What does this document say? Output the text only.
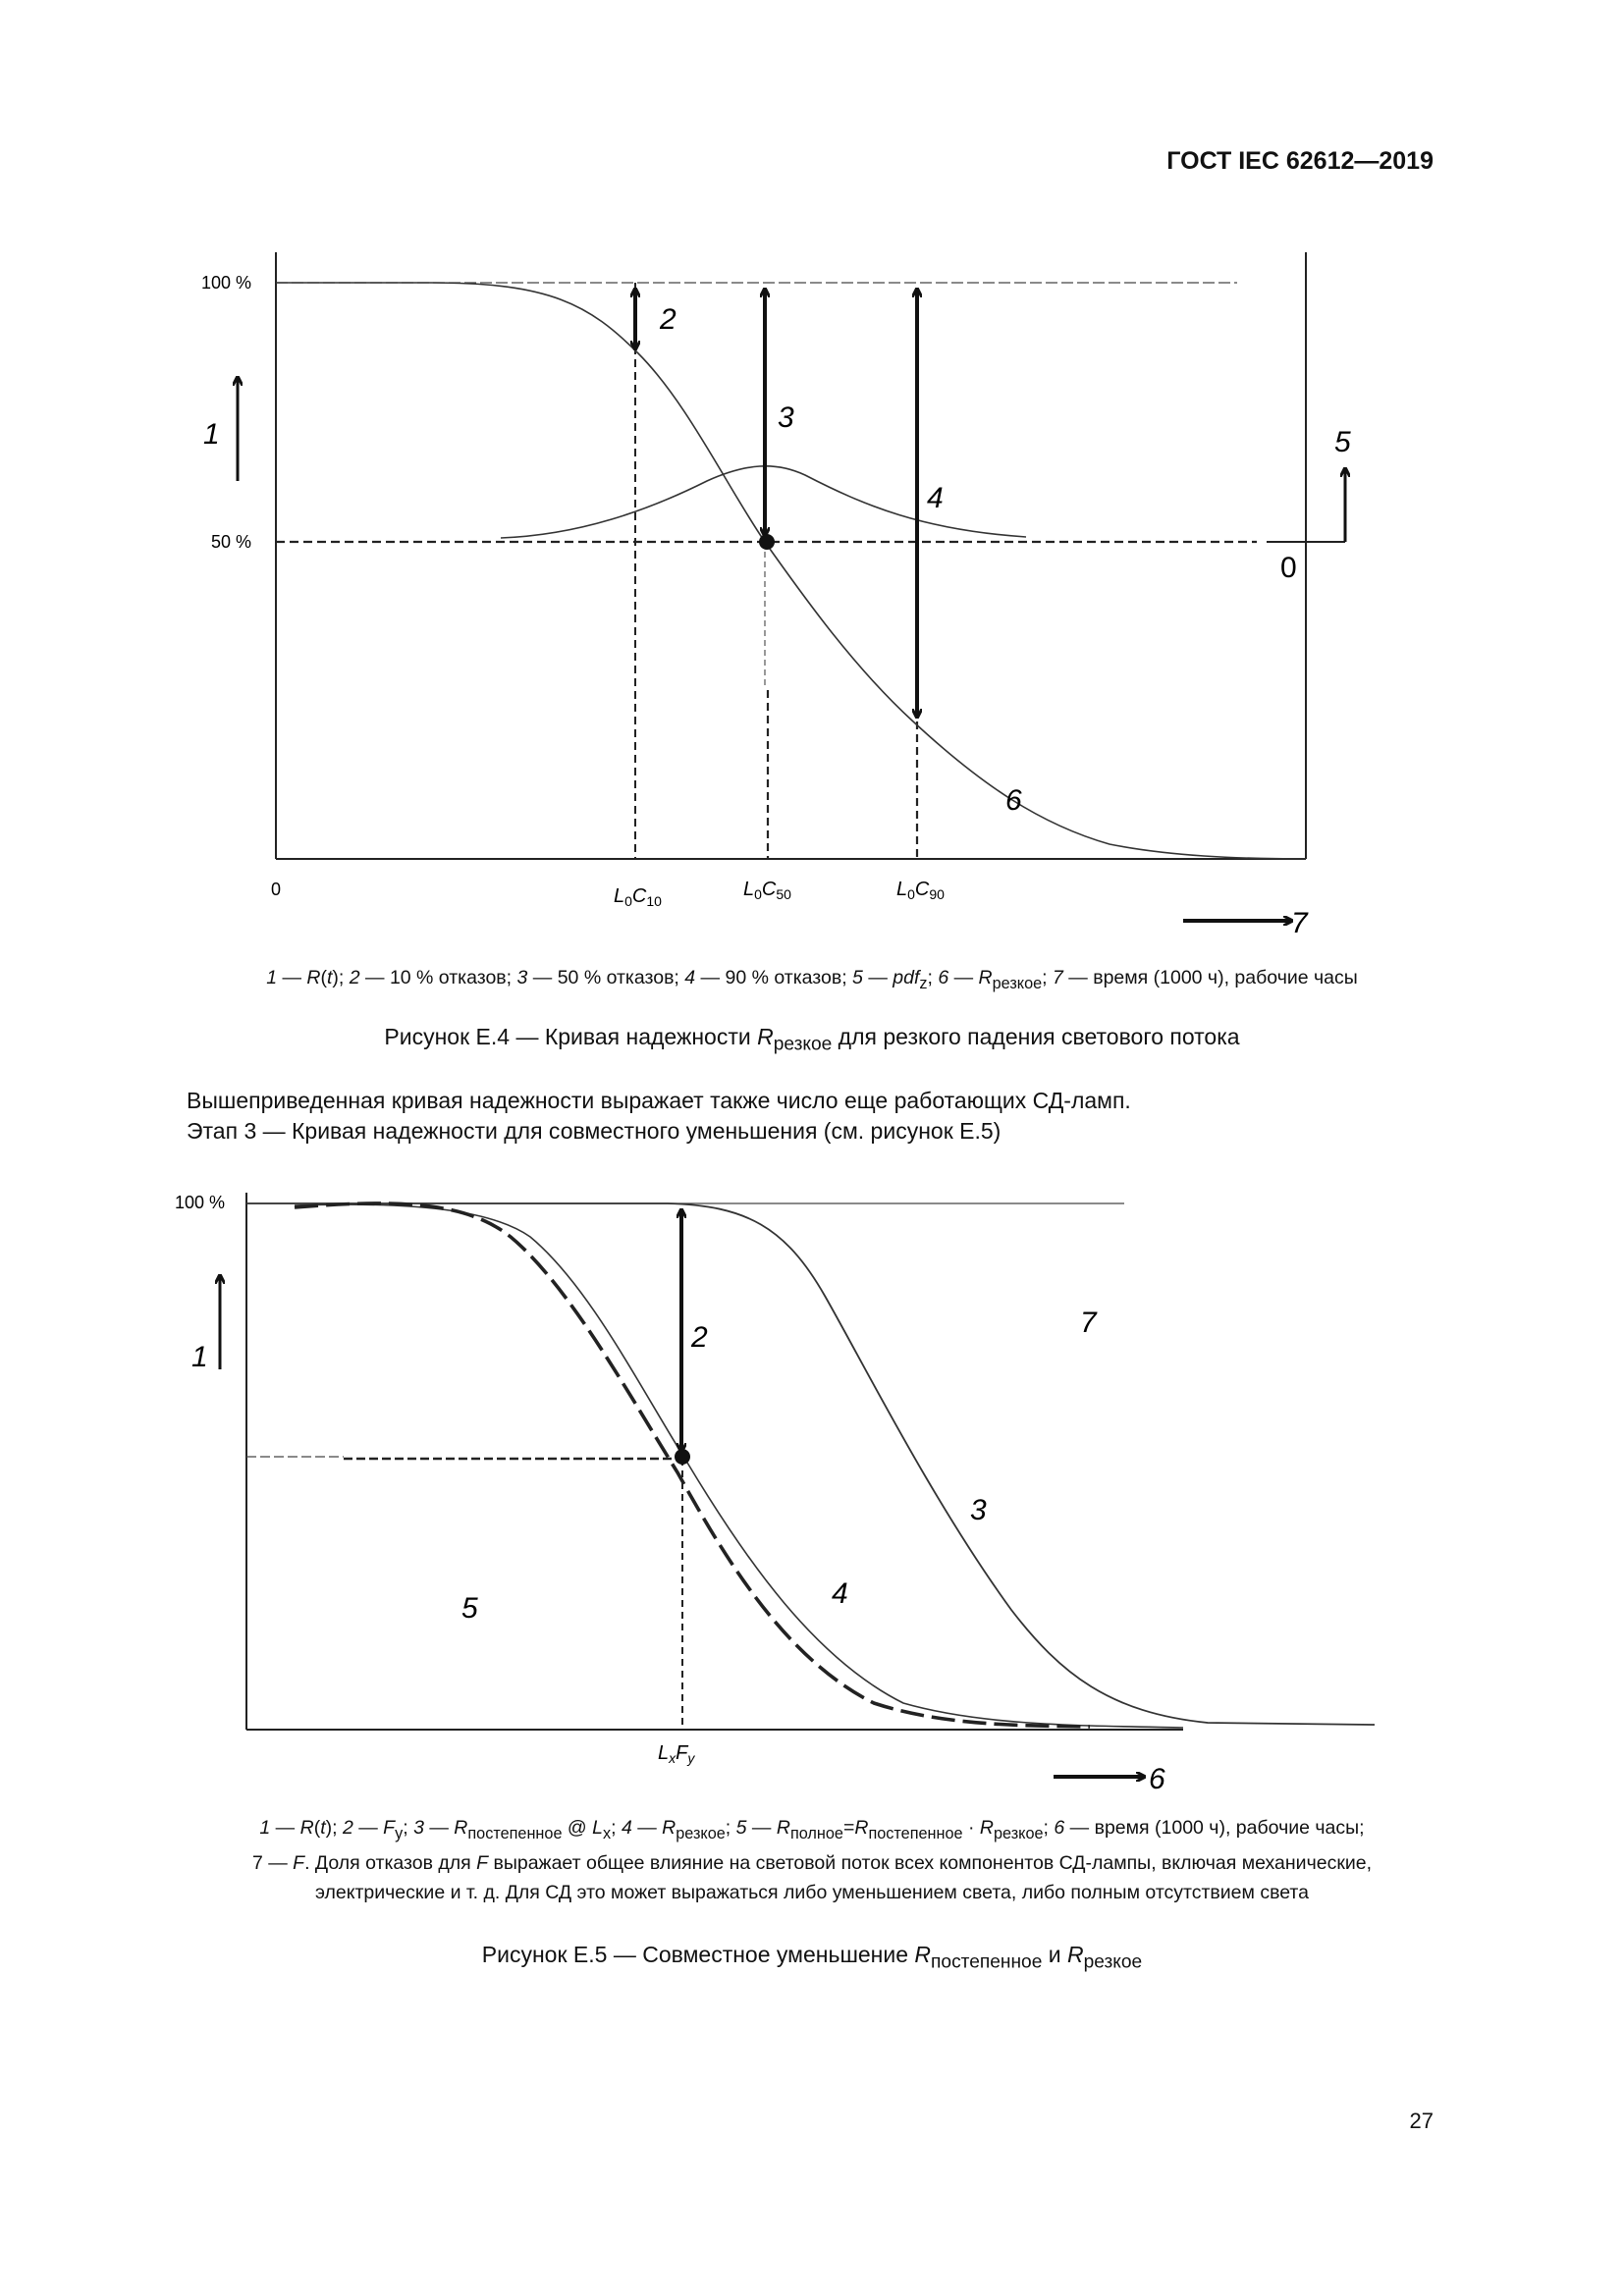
ГОСТ IEC 62612—2019
100 %
50 %
0	$L_0C_{10}$
$L_0C_{50}$	$L_0C_{90}$
1
2
3
4
5
0
6
7
100 %
$L_xF_y$
1
2
3
4
5
6
7
1 — R(t); 2 — 10 % отказов; 3 — 50 % отказов; 4 — 90 % отказов; 5 — pdf$_z$; 6 — $R_{резкое}$; 7 — время (1000 ч), рабочие часы
Рисунок Е.4 — Кривая надежности $R_{резкое}$ для резкого падения светового потока
Вышеприведенная кривая надежности выражает также число еще работающих СД-ламп.
Этап 3 — Кривая надежности для совместного уменьшения (см. рисунок Е.5)
1 — R(t); 2 — $F_y$; 3 — $R_{постепенное}$ @ $L_x$; 4 — $R_{резкое}$; 5 — $R_{полное}=R_{постепенное} \cdot R_{резкое}$; 6 — время (1000 ч), рабочие часы;
7 — F. Доля отказов для F выражает общее влияние на световой поток всех компонентов СД-лампы, включая механические,
электрические и т. д. Для СД это может выражаться либо уменьшением света, либо полным отсутствием света
Рисунок Е.5 — Совместное уменьшение $R_{постепенное}$ и $R_{резкое}$
27
